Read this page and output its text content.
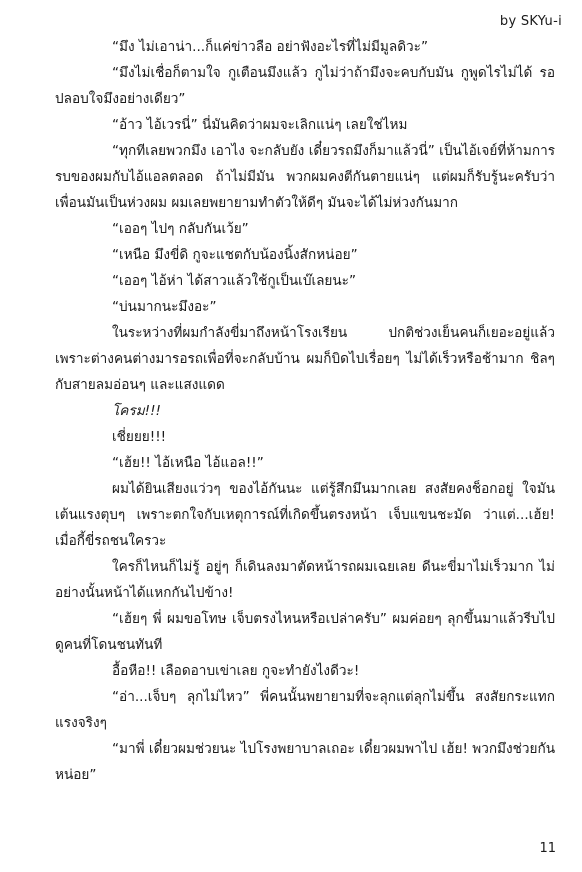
by SKYu-i

“มึง ไม่เอาน่า...ก็แค่ข่าวลือ อย่าฟังอะไรที่ไม่มีมูลดิวะ”

“มึงไม่เชื่อก็ตามใจ กูเตือนมึงแล้ว กูไม่ว่าถ้ามึงจะคบกับมัน กูพูดไรไม่ได้ รอปลอบใจมึงอย่างเดียว”

“อ้าว ไอ้เวรนี่” นี่มันคิดว่าผมจะเลิกแน่ๆ เลยใช่ไหม

“ทุกทีเลยพวกมึง เอาไง จะกลับยัง เดี๋ยวรถมึงก็มาแล้วนี่” เป็นไอ้เจย์ที่ห้ามการรบของผมกับไอ้แอลตลอด ถ้าไม่มีมัน พวกผมคงตีกันตายแน่ๆ แต่ผมก็รับรู้นะครับว่าเพื่อนมันเป็นห่วงผม ผมเลยพยายามทำตัวให้ดีๆ มันจะได้ไม่ห่วงกันมาก

“เออๆ ไปๆ กลับกันเว้ย”

“เหนือ มึงขี่ดิ กูจะแชตกับน้องนิ้งสักหน่อย”

“เออๆ ไอ้ห่า ได้สาวแล้วใช้กูเป็นเบ๊เลยนะ”

“บ่นมากนะมึงอะ”

ในระหว่างที่ผมกำลังขี่มาถึงหน้าโรงเรียน ปกติช่วงเย็นคนก็เยอะอยู่แล้ว เพราะต่างคนต่างมารอรถเพื่อที่จะกลับบ้าน ผมก็บิดไปเรื่อยๆ ไม่ได้เร็วหรือช้ามาก ชิลๆ กับสายลมอ่อนๆ และแสงแดด

โครม!!!

เชี่ยยย!!!

“เฮ้ย!! ไอ้เหนือ ไอ้แอล!!”

ผมได้ยินเสียงแว่วๆ ของไอ้กันนะ แต่รู้สึกมึนมากเลย สงสัยคงช็อกอยู่ ใจมันเต้นแรงตุบๆ เพราะตกใจกับเหตุการณ์ที่เกิดขึ้นตรงหน้า เจ็บแขนชะมัด ว่าแต่...เฮ้ย! เมื่อกี้ขี่รถชนใครวะ

ใครก็ไหนก็ไม่รู้ อยู่ๆ ก็เดินลงมาตัดหน้ารถผมเฉยเลย ดีนะขี่มาไม่เร็วมาก ไม่อย่างนั้นหน้าได้แหกกันไปข้าง!

“เฮ้ยๆ พี่ ผมขอโทษ เจ็บตรงไหนหรือเปล่าครับ” ผมค่อยๆ ลุกขึ้นมาแล้วรีบไปดูคนที่โดนชนทันที

อื้อหือ!! เลือดอาบเข่าเลย กูจะทำยังไงดีวะ!

“อ่า...เจ็บๆ ลุกไม่ไหว” พี่คนนั้นพยายามที่จะลุกแต่ลุกไม่ขึ้น สงสัยกระแทกแรงจริงๆ

“มาพี่ เดี๋ยวผมช่วยนะ ไปโรงพยาบาลเถอะ เดี๋ยวผมพาไป เฮ้ย! พวกมึงช่วยกันหน่อย”

11
